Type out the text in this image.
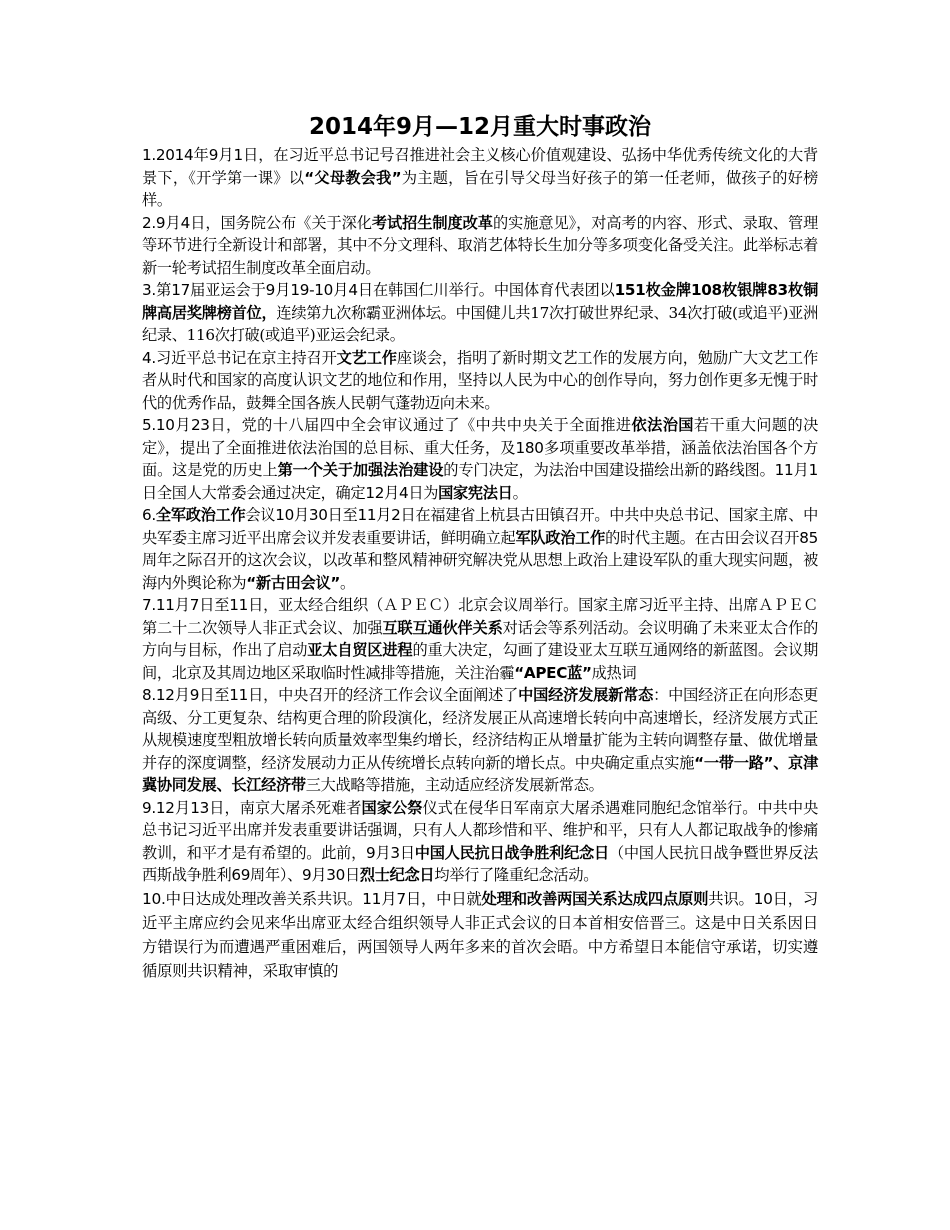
2014年9月—12月重大时事政治

1.2014年9月1日，在习近平总书记号召推进社会主义核心价值观建设、弘扬中华优秀传统文化的大背景下，《开学第一课》以“父母教会我”为主题，旨在引导父母当好孩子的第一任老师，做孩子的好榜样。

2.9月4日，国务院公布《关于深化考试招生制度改革的实施意见》，对高考的内容、形式、录取、管理等环节进行全新设计和部署，其中不分文理科、取消艺体特长生加分等多项变化备受关注。此举标志着新一轮考试招生制度改革全面启动。

3.第17届亚运会于9月19-10月4日在韩国仁川举行。中国体育代表团以151枚金牌108枚银牌83枚铜牌高居奖牌榜首位，连续第九次称霸亚洲体坛。中国健儿共17次打破世界纪录、34次打破(或追平)亚洲纪录、116次打破(或追平)亚运会纪录。

4.习近平总书记在京主持召开文艺工作座谈会，指明了新时期文艺工作的发展方向，勉励广大文艺工作者从时代和国家的高度认识文艺的地位和作用，坚持以人民为中心的创作导向，努力创作更多无愧于时代的优秀作品，鼓舞全国各族人民朝气蓬勃迈向未来。

5.10月23日，党的十八届四中全会审议通过了《中共中央关于全面推进依法治国若干重大问题的决定》，提出了全面推进依法治国的总目标、重大任务，及180多项重要改革举措，涵盖依法治国各个方面。这是党的历史上第一个关于加强法治建设的专门决定，为法治中国建设描绘出新的路线图。11月1日全国人大常委会通过决定，确定12月4日为国家宪法日。

6.全军政治工作会议10月30日至11月2日在福建省上杭县古田镇召开。中共中央总书记、国家主席、中央军委主席习近平出席会议并发表重要讲话，鲜明确立起军队政治工作的时代主题。在古田会议召开85周年之际召开的这次会议，以改革和整风精神研究解决党从思想上政治上建设军队的重大现实问题，被海内外舆论称为“新古田会议”。

7.11月7日至11日，亚太经合组织（ＡＰＥＣ）北京会议周举行。国家主席习近平主持、出席ＡＰＥＣ第二十二次领导人非正式会议、加强互联互通伙伴关系对话会等系列活动。会议明确了未来亚太合作的方向与目标，作出了启动亚太自贸区进程的重大决定，勾画了建设亚太互联互通网络的新蓝图。会议期间，北京及其周边地区采取临时性减排等措施，关注治霾“APEC蓝”成热词

8.12月9日至11日，中央召开的经济工作会议全面阐述了中国经济发展新常态：中国经济正在向形态更高级、分工更复杂、结构更合理的阶段演化，经济发展正从高速增长转向中高速增长，经济发展方式正从规模速度型粗放增长转向质量效率型集约增长，经济结构正从增量扩能为主转向调整存量、做优增量并存的深度调整，经济发展动力正从传统增长点转向新的增长点。中央确定重点实施“一带一路”、京津冀协同发展、长江经济带三大战略等措施，主动适应经济发展新常态。

9.12月13日，南京大屠杀死难者国家公祭仪式在侵华日军南京大屠杀遇难同胞纪念馆举行。中共中央总书记习近平出席并发表重要讲话强调，只有人人都珍惜和平、维护和平，只有人人都记取战争的惨痛教训，和平才是有希望的。此前，9月3日中国人民抗日战争胜利纪念日（中国人民抗日战争暨世界反法西斯战争胜利69周年）、9月30日烈士纪念日均举行了隆重纪念活动。

10.中日达成处理改善关系共识。11月7日，中日就处理和改善两国关系达成四点原则共识。10日，习近平主席应约会见来华出席亚太经合组织领导人非正式会议的日本首相安倍晋三。这是中日关系因日方错误行为而遭遇严重困难后，两国领导人两年多来的首次会晤。中方希望日本能信守承诺，切实遵循原则共识精神，采取审慎的
